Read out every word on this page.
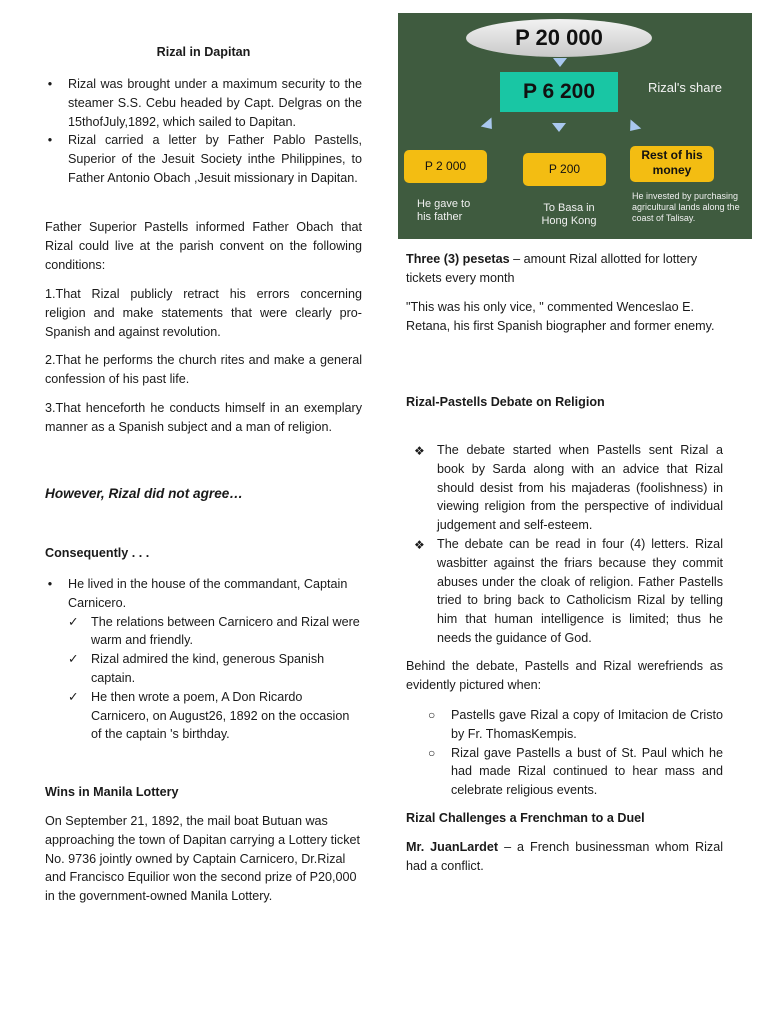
Rizal in Dapitan
• Rizal was brought under a maximum security to the steamer S.S. Cebu headed by Capt. Delgras on the 15thofJuly,1892, which sailed to Dapitan.
• Rizal carried a letter by Father Pablo Pastells, Superior of the Jesuit Society inthe Philippines, to Father Antonio Obach ,Jesuit missionary in Dapitan.

Father Superior Pastells informed Father Obach that Rizal could live at the parish convent on the following conditions:

1.That Rizal publicly retract his errors concerning religion and make statements that were clearly pro-Spanish and against revolution.

2.That he performs the church rites and make a general confession of his past life.

3.That henceforth he conducts himself in an exemplary manner as a Spanish subject and a man of religion.

However, Rizal did not agree…

Consequently . . .

• He lived in the house of the commandant, Captain Carnicero.
✓ The relations between Carnicero and Rizal were warm and friendly.
✓ Rizal admired the kind, generous Spanish captain.
✓ He then wrote a poem, A Don Ricardo Carnicero, on August26, 1892 on the occasion of the captain 's birthday.

Wins in Manila Lottery

On September 21, 1892, the mail boat Butuan was approaching the town of Dapitan carrying a Lottery ticket No. 9736 jointly owned by Captain Carnicero, Dr.Rizal and Francisco Equilior won the second prize of P20,000 in the government-owned Manila Lottery.

P 20 000
P 6 200	Rizal's share
P 2 000	P 200
Rest of his money
He gave to his father
To Basa in Hong Kong
He invested by purchasing agricultural lands along the coast of Talisay.

Three (3) pesetas – amount Rizal allotted for lottery tickets every month

"This was his only vice, " commented Wenceslao E. Retana, his first Spanish biographer and former enemy.

Rizal-Pastells Debate on Religion

❖ The debate started when Pastells sent Rizal a book by Sarda along with an advice that Rizal should desist from his majaderas (foolishness) in viewing religion from the perspective of individual judgement and self-esteem.
❖ The debate can be read in four (4) letters. Rizal wasbitter against the friars because they commit abuses under the cloak of religion. Father Pastells tried to bring back to Catholicism Rizal by telling him that human intelligence is limited; thus he needs the guidance of God.

Behind the debate, Pastells and Rizal werefriends as evidently pictured when:

○ Pastells gave Rizal a copy of Imitacion de Cristo by Fr. ThomasKempis.
○ Rizal gave Pastells a bust of St. Paul which he had made Rizal continued to hear mass and celebrate religious events.

Rizal Challenges a Frenchman to a Duel

Mr. JuanLardet – a French businessman whom Rizal had a conflict.
